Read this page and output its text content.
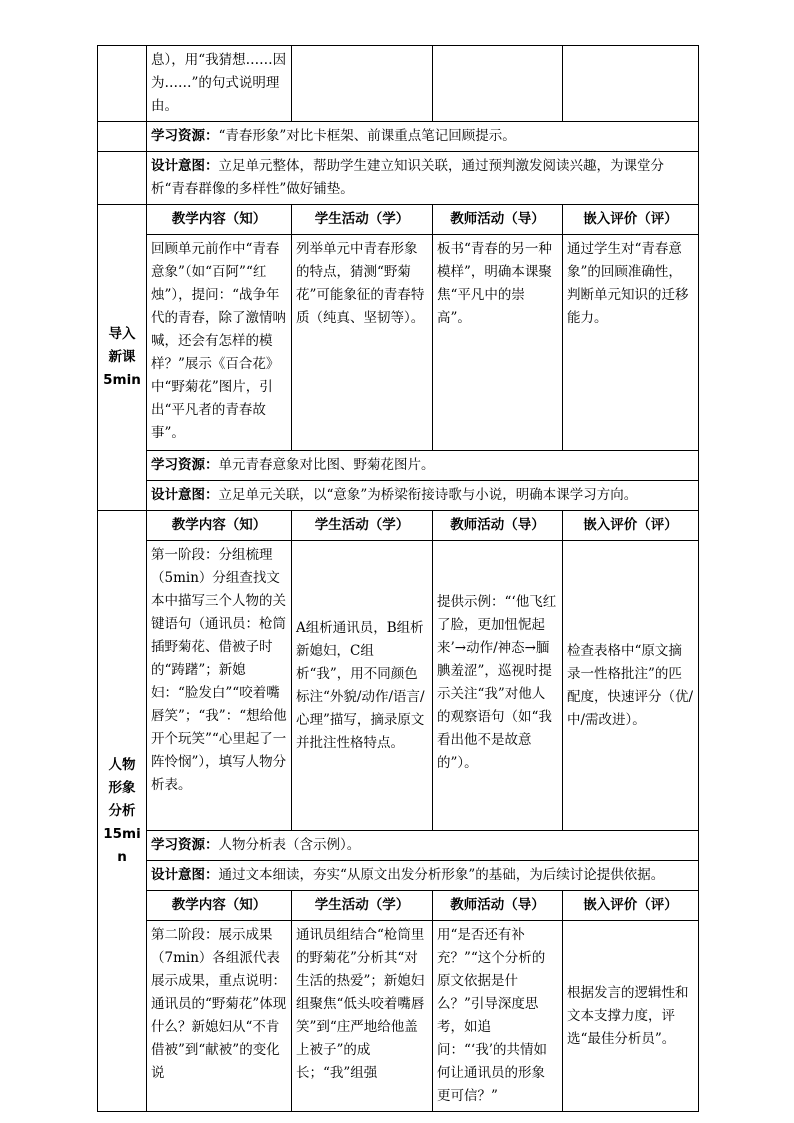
	息），用“我猜想……因为……”的句式说明理由。			
	学习资源：“青春形象”对比卡框架、前课重点笔记回顾提示。			
	设计意图：立足单元整体，帮助学生建立知识关联，通过预判激发阅读兴趣，为课堂分析“青春群像的多样性”做好铺垫。			
导入
新课
5min	教学内容（知）	学生活动（学）	教师活动（导）	嵌入评价（评）
	回顾单元前作中“青春意象”（如“百阿”“红烛”），提问：“战争年代的青春，除了激情呐喊，还会有怎样的模样？”展示《百合花》中“野菊花”图片，引出“平凡者的青春故事”。	列举单元中青春形象的特点，猜测“野菊花”可能象征的青春特质（纯真、坚韧等）。	板书“青春的另一种模样”，明确本课聚焦“平凡中的崇高”。	通过学生对“青春意象”的回顾准确性，判断单元知识的迁移能力。
	学习资源：单元青春意象对比图、野菊花图片。			
	设计意图：立足单元关联，以“意象”为桥梁衔接诗歌与小说，明确本课学习方向。			
人物
形象
分析
15min	教学内容（知）	学生活动（学）	教师活动（导）	嵌入评价（评）
	第一阶段：分组梳理（5min）分组查找文本中描写三个人物的关键语句（通讯员：枪筒插野菊花、借被子时的“踌躇”；新媳妇：“脸发白”“咬着嘴唇笑”；“我”：“想给他开个玩笑”“心里起了一阵怜悯”），填写人物分析表。	A组析通讯员，B组析新媳妇，C组析“我”，用不同颜色标注“外貌/动作/语言/心理”描写，摘录原文并批注性格特点。	提供示例：“‘他飞红了脸，更加忸怩起来’→动作/神态→腼腆羞涩”，巡视时提示关注“我”对他人的观察语句（如“我看出他不是故意的”）。	检查表格中“原文摘录一性格批注”的匹配度，快速评分（优/中/需改进）。
	学习资源：人物分析表（含示例）。			
	设计意图：通过文本细读，夯实“从原文出发分析形象”的基础，为后续讨论提供依据。			
	教学内容（知）	学生活动（学）	教师活动（导）	嵌入评价（评）
	第二阶段：展示成果（7min）各组派代表展示成果，重点说明：通讯员的“野菊花”体现什么？新媳妇从“不肯借被”到“献被”的变化说	通讯员组结合“枪筒里的野菊花”分析其“对生活的热爱”；新媳妇组聚焦“低头咬着嘴唇笑”到“庄严地给他盖上被子”的成长；“我”组强	用“是否还有补充？”“这个分析的原文依据是什么？”引导深度思考，如追问：“‘我’的共情如何让通讯员的形象更可信？”	根据发言的逻辑性和文本支撑力度，评选“最佳分析员”。
